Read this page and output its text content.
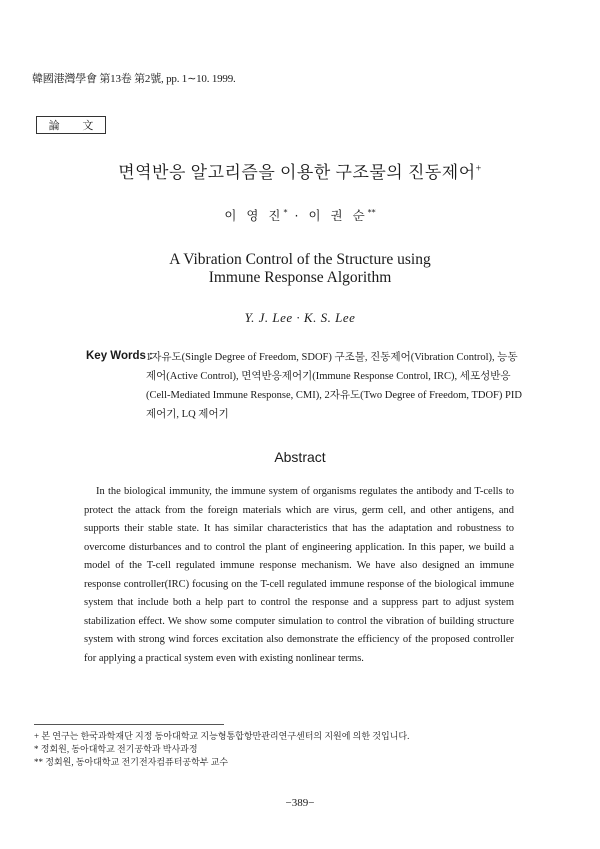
韓國港灣學會 第13卷 第2號, pp. 1∼10. 1999.
論 文
면역반응 알고리즘을 이용한 구조물의 진동제어+
이 영 진* · 이 권 순**
A Vibration Control of the Structure using
Immune Response Algorithm
Y. J. Lee · K. S. Lee
Key Words :
1자유도(Single Degree of Freedom, SDOF) 구조물, 진동제어(Vibration Control), 능동제어(Active Control), 면역반응제어기(Immune Response Control, IRC), 세포성반응(Cell-Mediated Immune Response, CMI), 2자유도(Two Degree of Freedom, TDOF) PID 제어기, LQ 제어기
Abstract

In the biological immunity, the immune system of organisms regulates the antibody and T-cells to protect the attack from the foreign materials which are virus, germ cell, and other antigens, and supports their stable state. It has similar characteristics that has the adaptation and robustness to overcome disturbances and to control the plant of engineering application. In this paper, we build a model of the T-cell regulated immune response mechanism. We have also designed an immune response controller(IRC) focusing on the T-cell regulated immune response of the biological immune system that include both a help part to control the response and a suppress part to adjust system stabilization effect. We show some computer simulation to control the vibration of building structure system with strong wind forces excitation also demonstrate the efficiency of the proposed controller for applying a practical system even with existing nonlinear terms.

+ 본 연구는 한국과학재단 지정 동아대학교 지능형통합항만관리연구센터의 지원에 의한 것입니다.
* 정회원, 동아대학교 전기공학과 박사과정
** 정회원, 동아대학교 전기전자컴퓨터공학부 교수
−389−
